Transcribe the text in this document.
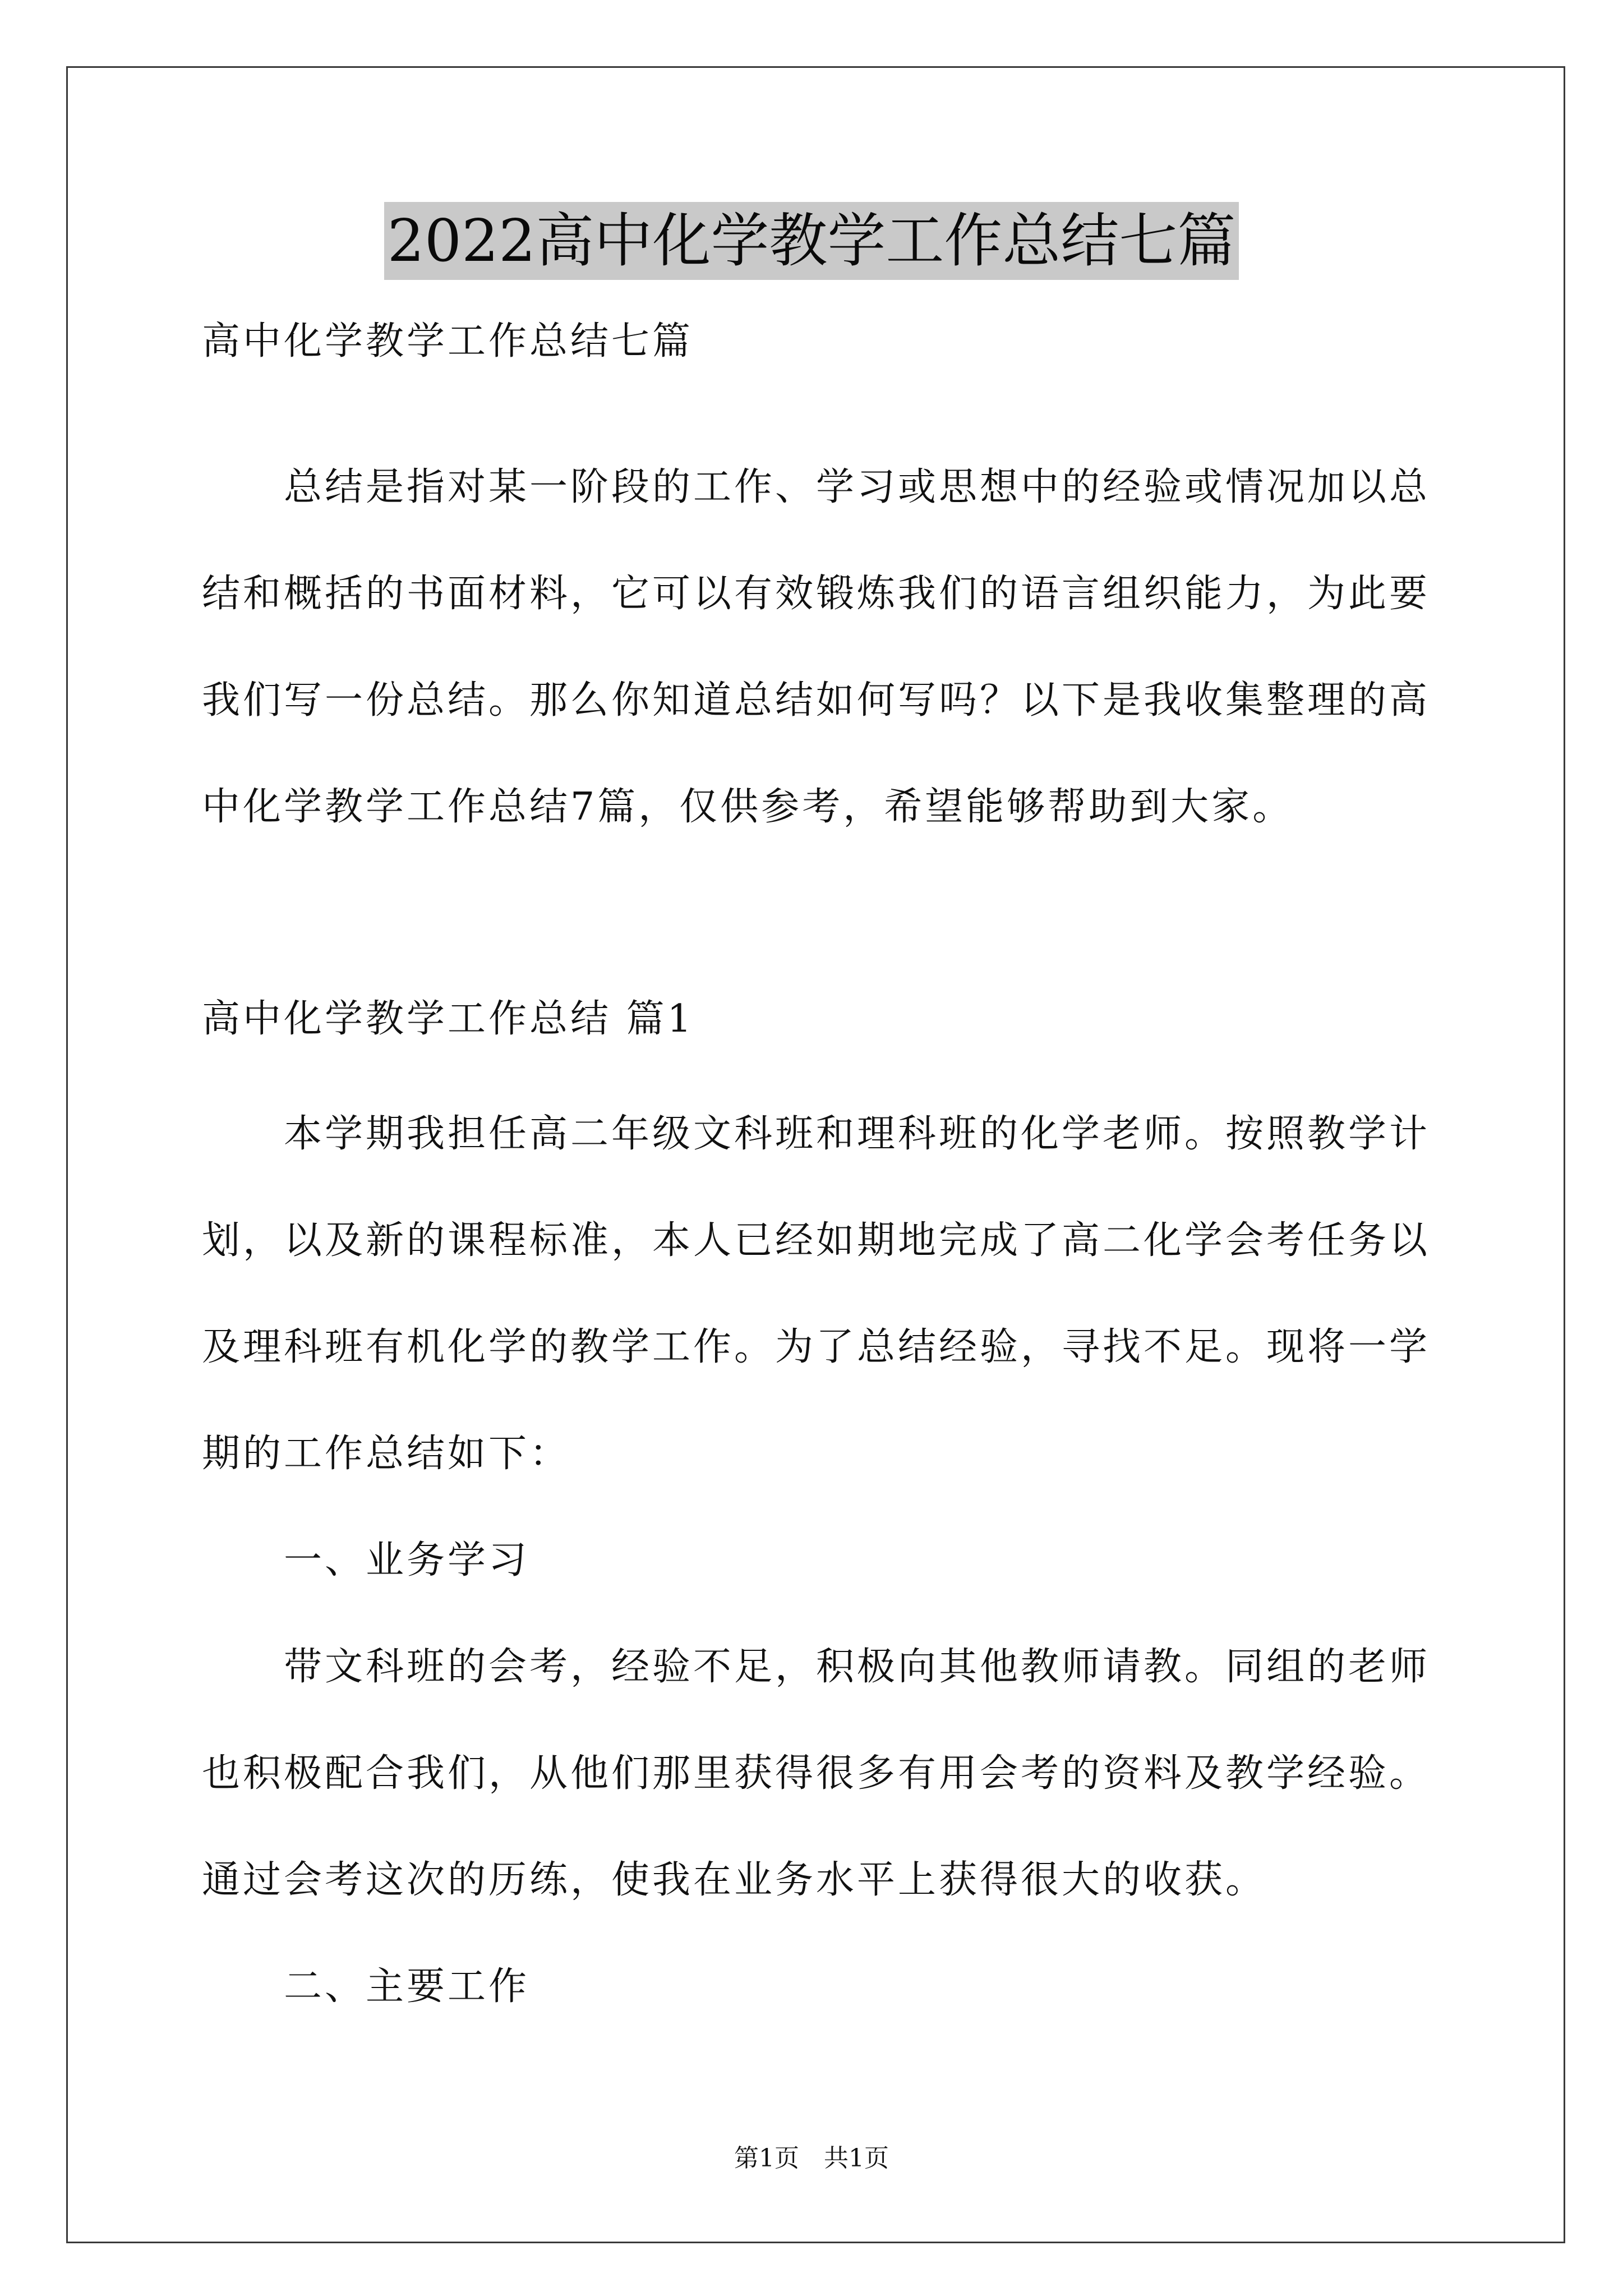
2022高中化学教学工作总结七篇
高中化学教学工作总结七篇
总结是指对某一阶段的工作、学习或思想中的经验或情况加以总
结和概括的书面材料，它可以有效锻炼我们的语言组织能力，为此要
我们写一份总结。那么你知道总结如何写吗？以下是我收集整理的高
中化学教学工作总结7篇，仅供参考，希望能够帮助到大家。
高中化学教学工作总结 篇1
本学期我担任高二年级文科班和理科班的化学老师。按照教学计
划，以及新的课程标准，本人已经如期地完成了高二化学会考任务以
及理科班有机化学的教学工作。为了总结经验，寻找不足。现将一学
期的工作总结如下：
一、业务学习
带文科班的会考，经验不足，积极向其他教师请教。同组的老师
也积极配合我们，从他们那里获得很多有用会考的资料及教学经验。
通过会考这次的历练，使我在业务水平上获得很大的收获。
二、主要工作
第1页 共1页
